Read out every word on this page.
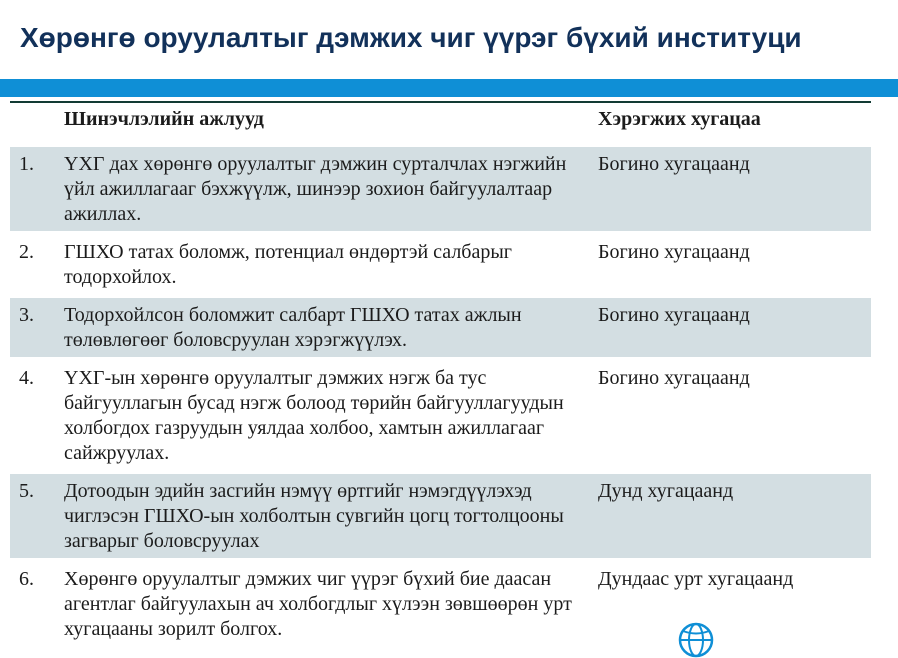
Хөрөнгө оруулалтыг дэмжих чиг үүрэг бүхий институци
	Шинэчлэлийн ажлууд	Хэрэгжих хугацаа
1.	ҮХГ дах хөрөнгө оруулалтыг дэмжин сурталчлах нэгжийн үйл ажиллагааг бэхжүүлж, шинээр зохион байгуулалтаар ажиллах.	Богино хугацаанд
2.	ГШХО татах боломж, потенциал өндөртэй салбарыг тодорхойлох.	Богино хугацаанд
3.	Тодорхойлсон боломжит салбарт ГШХО татах ажлын төлөвлөгөөг боловсруулан хэрэгжүүлэх.	Богино хугацаанд
4.	ҮХГ-ын хөрөнгө оруулалтыг дэмжих нэгж ба тус байгууллагын бусад нэгж болоод төрийн байгууллагуудын холбогдох газруудын уялдаа холбоо, хамтын ажиллагааг сайжруулах.	Богино хугацаанд
5.	Дотоодын эдийн засгийн нэмүү өртгийг нэмэгдүүлэхэд чиглэсэн ГШХО-ын холболтын сувгийн цогц тогтолцооны загварыг боловсруулах	Дунд хугацаанд
6.	Хөрөнгө оруулалтыг дэмжих чиг үүрэг бүхий бие даасан агентлаг байгуулахын ач холбогдлыг хүлээн зөвшөөрөн урт хугацааны зорилт болгох.	Дундаас урт хугацаанд
